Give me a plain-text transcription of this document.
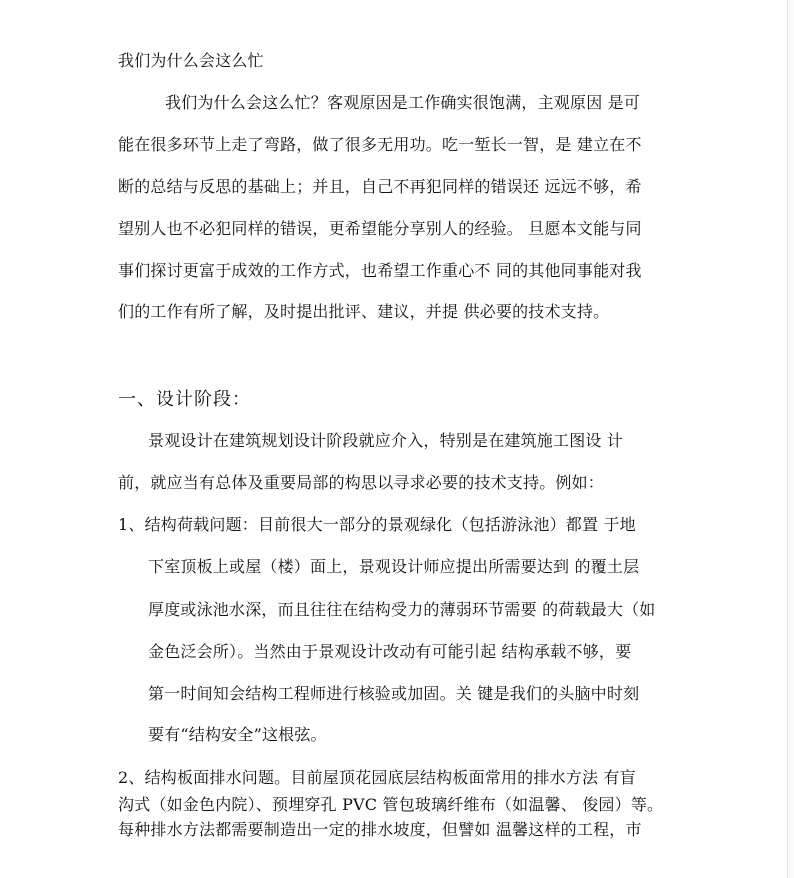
我们为什么会这么忙
我们为什么会这么忙？客观原因是工作确实很饱满，主观原因 是可
能在很多环节上走了弯路，做了很多无用功。吃一堑长一智，是 建立在不
断的总结与反思的基础上；并且，自己不再犯同样的错误还 远远不够，希
望别人也不必犯同样的错误，更希望能分享别人的经验。 旦愿本文能与同
事们探讨更富于成效的工作方式，也希望工作重心不 同的其他同事能对我
们的工作有所了解，及时提出批评、建议，并提 供必要的技术支持。
一、设计阶段：
景观设计在建筑规划设计阶段就应介入，特别是在建筑施工图设 计
前，就应当有总体及重要局部的构思以寻求必要的技术支持。例如：
1、结构荷载问题：目前很大一部分的景观绿化（包括游泳池）都置 于地
下室顶板上或屋（楼）面上，景观设计师应提出所需要达到 的覆土层
厚度或泳池水深，而且往往在结构受力的薄弱环节需要 的荷载最大（如
金色泛会所）。当然由于景观设计改动有可能引起 结构承载不够，要
第一时间知会结构工程师进行核验或加固。关 键是我们的头脑中时刻
要有“结构安全”这根弦。
2、结构板面排水问题。目前屋顶花园底层结构板面常用的排水方法 有盲
沟式（如金色内院）、预埋穿孔 PVC 管包玻璃纤维布（如温馨、 俊园）等。
每种排水方法都需要制造出一定的排水坡度，但譬如 温馨这样的工程，市
